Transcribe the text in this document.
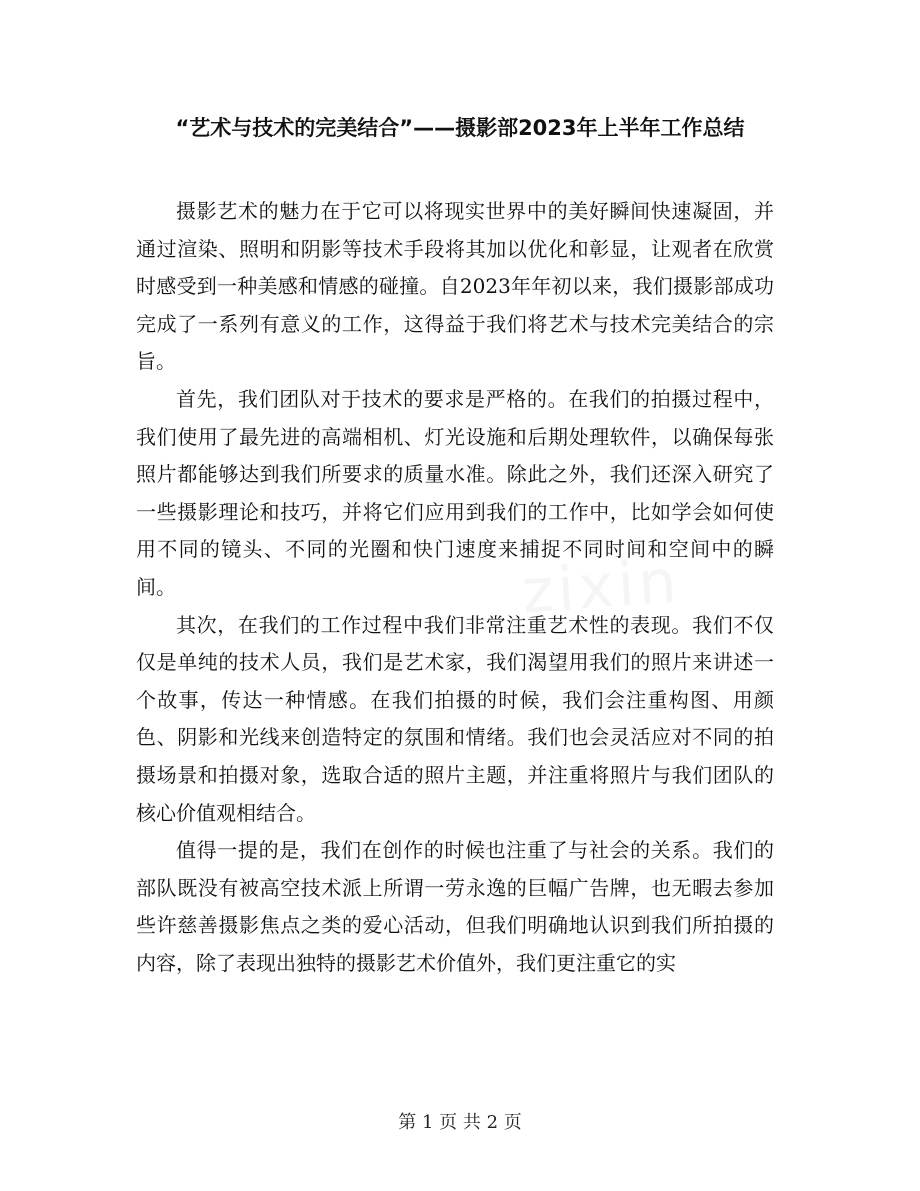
“艺术与技术的完美结合”——摄影部2023年上半年工作总结
zixin

摄影艺术的魅力在于它可以将现实世界中的美好瞬间快速凝固，并通过渲染、照明和阴影等技术手段将其加以优化和彰显，让观者在欣赏时感受到一种美感和情感的碰撞。自2023年年初以来，我们摄影部成功完成了一系列有意义的工作，这得益于我们将艺术与技术完美结合的宗旨。

首先，我们团队对于技术的要求是严格的。在我们的拍摄过程中，我们使用了最先进的高端相机、灯光设施和后期处理软件，以确保每张照片都能够达到我们所要求的质量水准。除此之外，我们还深入研究了一些摄影理论和技巧，并将它们应用到我们的工作中，比如学会如何使用不同的镜头、不同的光圈和快门速度来捕捉不同时间和空间中的瞬间。

其次，在我们的工作过程中我们非常注重艺术性的表现。我们不仅仅是单纯的技术人员，我们是艺术家，我们渴望用我们的照片来讲述一个故事，传达一种情感。在我们拍摄的时候，我们会注重构图、用颜色、阴影和光线来创造特定的氛围和情绪。我们也会灵活应对不同的拍摄场景和拍摄对象，选取合适的照片主题，并注重将照片与我们团队的核心价值观相结合。

值得一提的是，我们在创作的时候也注重了与社会的关系。我们的部队既没有被高空技术派上所谓一劳永逸的巨幅广告牌，也无暇去参加些许慈善摄影焦点之类的爱心活动，但我们明确地认识到我们所拍摄的内容，除了表现出独特的摄影艺术价值外，我们更注重它的实

第 1 页 共 2 页
